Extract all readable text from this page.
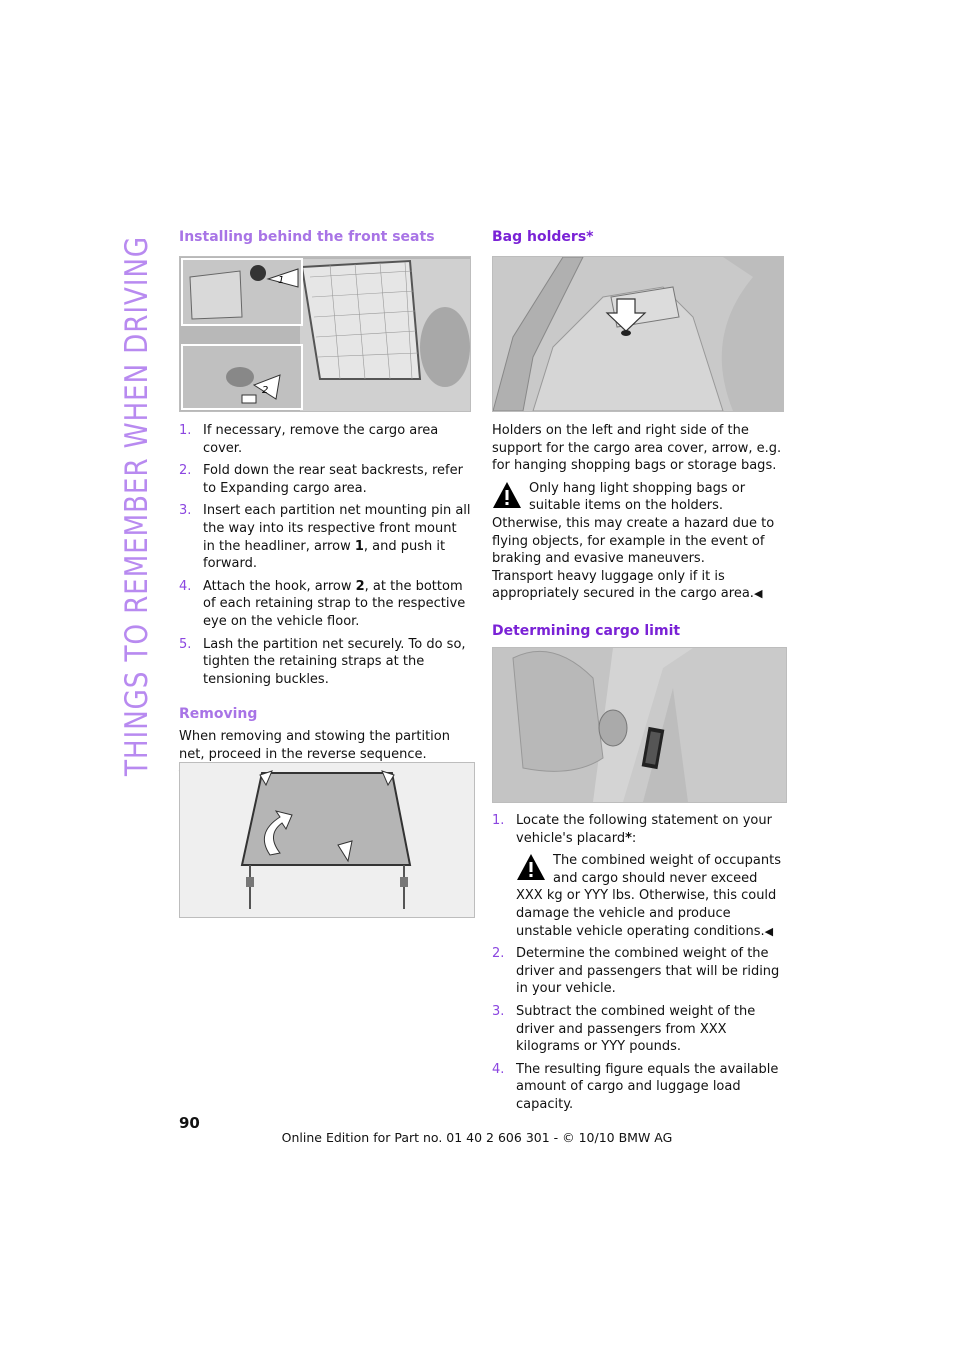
THINGS TO REMEMBER WHEN DRIVING Installing behind the front seats
1
2
1. If necessary, remove the cargo area cover.
2. Fold down the rear seat backrests, refer to Expanding cargo area.
3. Insert each partition net mounting pin all the way into its respective front mount in the headliner, arrow 1, and push it forward.
4. Attach the hook, arrow 2, at the bottom of each retaining strap to the respective eye on the vehicle floor.
5. Lash the partition net securely. To do so, tighten the retaining straps at the tensioning buckles.
Removing

When removing and stowing the partition net, proceed in the reverse sequence.

Bag holders*

Holders on the left and right side of the support for the cargo area cover, arrow, e.g. for hanging shopping bags or storage bags.

Only hang light shopping bags or suitable items on the holders. Otherwise, this may create a hazard due to flying objects, for example in the event of braking and evasive maneuvers.

Transport heavy luggage only if it is appropriately secured in the cargo area.◀

Determining cargo limit
1. Locate the following statement on your vehicle's placard*:

The combined weight of occupants and cargo should never exceed XXX kg or YYY lbs. Otherwise, this could damage the vehicle and produce unstable vehicle operating conditions.◀

2. Determine the combined weight of the driver and passengers that will be riding in your vehicle.
3. Subtract the combined weight of the driver and passengers from XXX kilograms or YYY pounds.
4. The resulting figure equals the available amount of cargo and luggage load capacity.
90
Online Edition for Part no. 01 40 2 606 301 - © 10/10 BMW AG
